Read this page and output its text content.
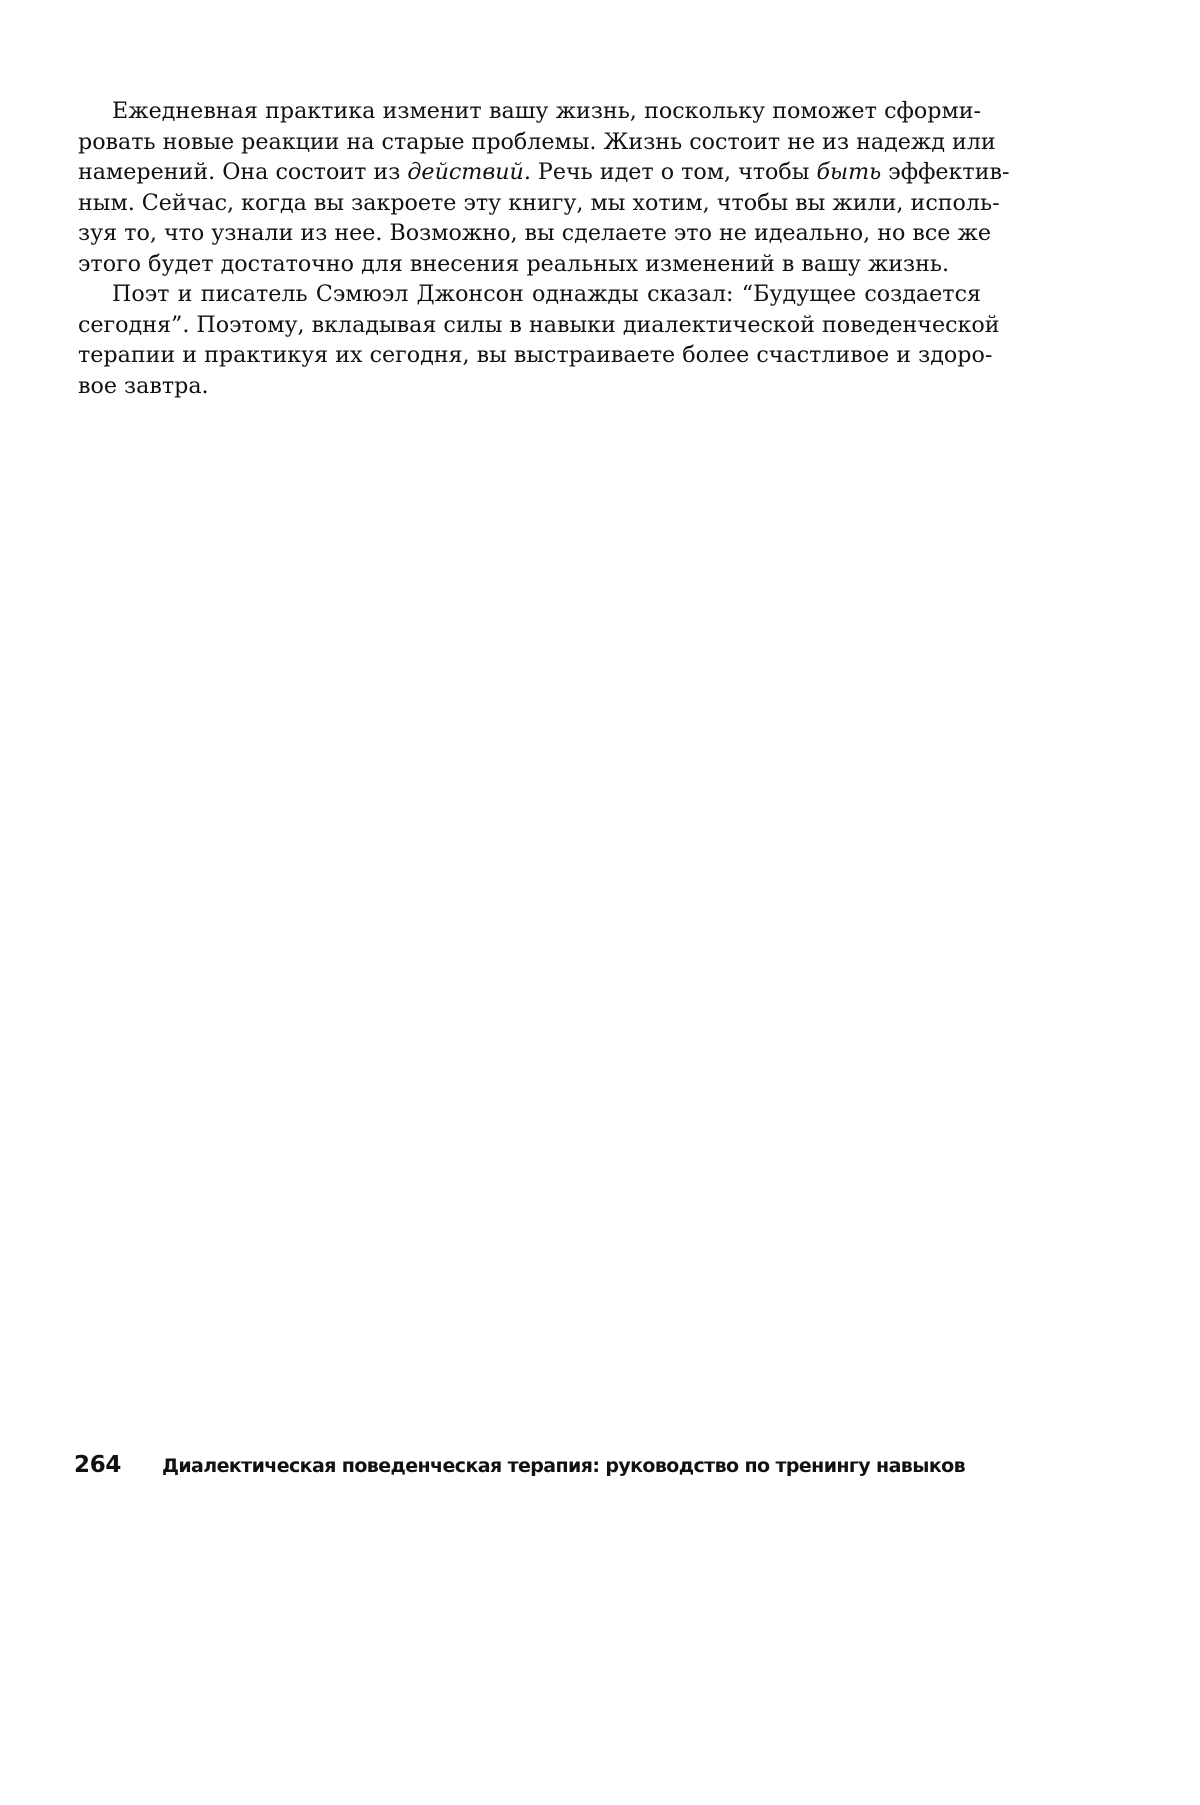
Ежедневная практика изменит вашу жизнь, поскольку поможет сформи-
ровать новые реакции на старые проблемы. Жизнь состоит не из надежд или
намерений. Она состоит из действий. Речь идет о том, чтобы быть эффектив-
ным. Сейчас, когда вы закроете эту книгу, мы хотим, чтобы вы жили, исполь-
зуя то, что узнали из нее. Возможно, вы сделаете это не идеально, но все же
этого будет достаточно для внесения реальных изменений в вашу жизнь.

Поэт и писатель Сэмюэл Джонсон однажды сказал: “Будущее создается
сегодня”. Поэтому, вкладывая силы в навыки диалектической поведенческой
терапии и практикуя их сегодня, вы выстраиваете более счастливое и здоро-
вое завтра.

264	Диалектическая поведенческая терапия: руководство по тренингу навыков
